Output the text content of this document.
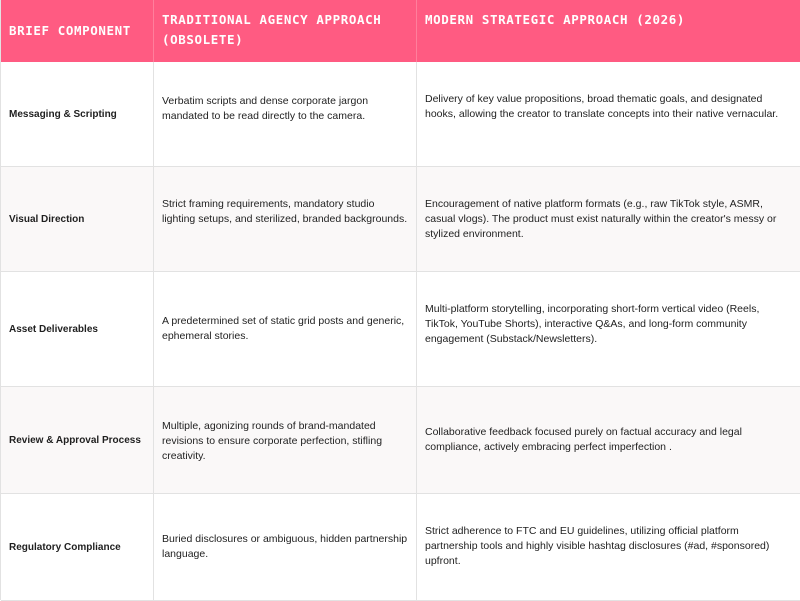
BRIEF COMPONENT
TRADITIONAL AGENCY APPROACH (OBSOLETE)
MODERN STRATEGIC APPROACH (2026)
Messaging & Scripting
Verbatim scripts and dense corporate jargon mandated to be read directly to the camera.
Delivery of key value propositions, broad thematic goals, and designated hooks, allowing the creator to translate concepts into their native vernacular.
Visual Direction
Strict framing requirements, mandatory studio lighting setups, and sterilized, branded backgrounds.
Encouragement of native platform formats (e.g., raw TikTok style, ASMR, casual vlogs). The product must exist naturally within the creator's messy or stylized environment.
Asset Deliverables
A predetermined set of static grid posts and generic, ephemeral stories.
Multi-platform storytelling, incorporating short-form vertical video (Reels, TikTok, YouTube Shorts), interactive Q&As, and long-form community engagement (Substack/Newsletters).
Review & Approval Process
Multiple, agonizing rounds of brand-mandated revisions to ensure corporate perfection, stifling creativity.
Collaborative feedback focused purely on factual accuracy and legal compliance, actively embracing perfect imperfection .
Regulatory Compliance
Buried disclosures or ambiguous, hidden partnership language.
Strict adherence to FTC and EU guidelines, utilizing official platform partnership tools and highly visible hashtag disclosures (#ad, #sponsored) upfront.
